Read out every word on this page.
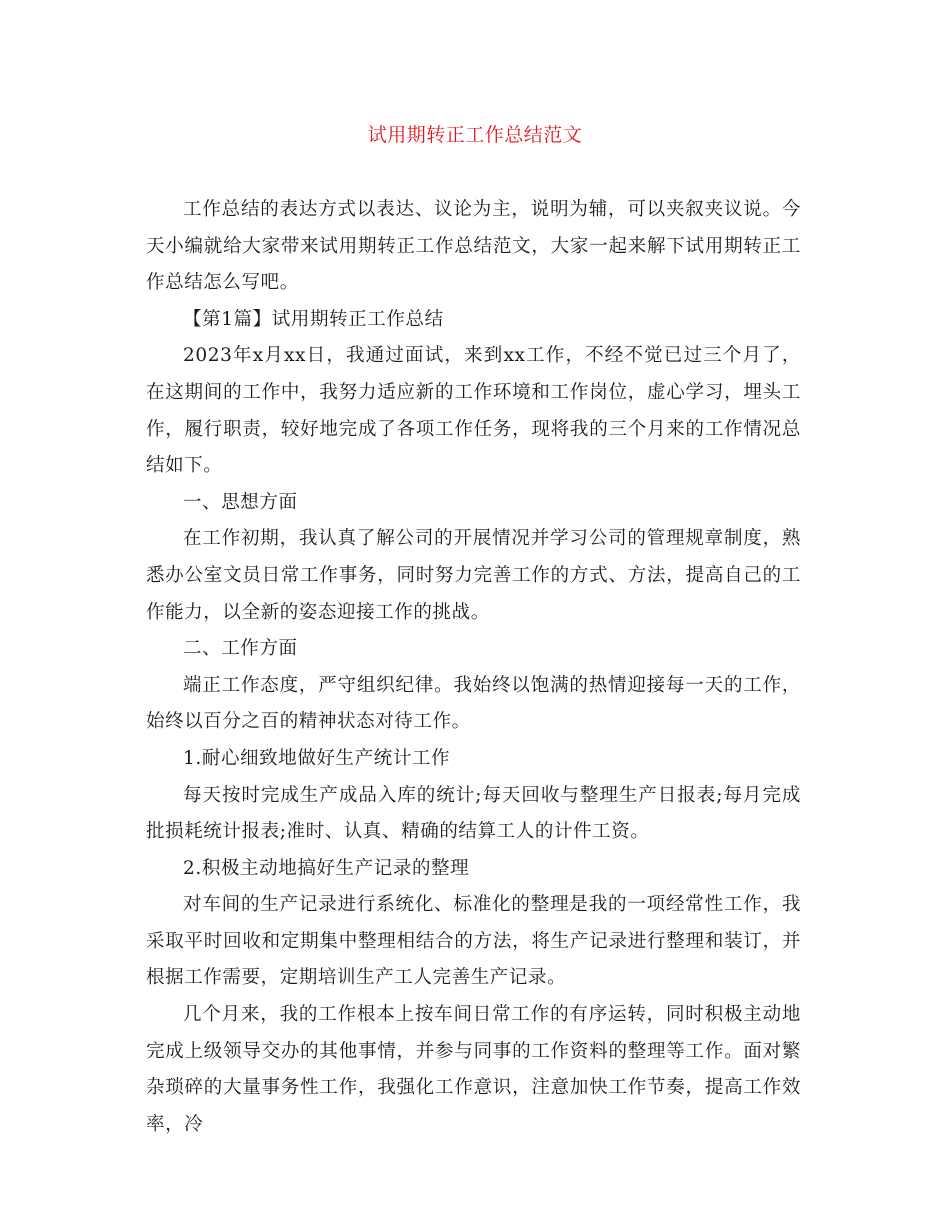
试用期转正工作总结范文

工作总结的表达方式以表达、议论为主，说明为辅，可以夹叙夹议说。今天小编就给大家带来试用期转正工作总结范文，大家一起来解下试用期转正工作总结怎么写吧。

【第1篇】试用期转正工作总结

2023年x月xx日，我通过面试，来到xx工作，不经不觉已过三个月了，在这期间的工作中，我努力适应新的工作环境和工作岗位，虚心学习，埋头工作，履行职责，较好地完成了各项工作任务，现将我的三个月来的工作情况总结如下。

一、思想方面

在工作初期，我认真了解公司的开展情况并学习公司的管理规章制度，熟悉办公室文员日常工作事务，同时努力完善工作的方式、方法，提高自己的工作能力，以全新的姿态迎接工作的挑战。

二、工作方面

端正工作态度，严守组织纪律。我始终以饱满的热情迎接每一天的工作，始终以百分之百的精神状态对待工作。

1.耐心细致地做好生产统计工作

每天按时完成生产成品入库的统计;每天回收与整理生产日报表;每月完成批损耗统计报表;准时、认真、精确的结算工人的计件工资。

2.积极主动地搞好生产记录的整理

对车间的生产记录进行系统化、标准化的整理是我的一项经常性工作，我采取平时回收和定期集中整理相结合的方法，将生产记录进行整理和装订，并根据工作需要，定期培训生产工人完善生产记录。

几个月来，我的工作根本上按车间日常工作的有序运转，同时积极主动地完成上级领导交办的其他事情，并参与同事的工作资料的整理等工作。面对繁杂琐碎的大量事务性工作，我强化工作意识，注意加快工作节奏，提高工作效率，冷
